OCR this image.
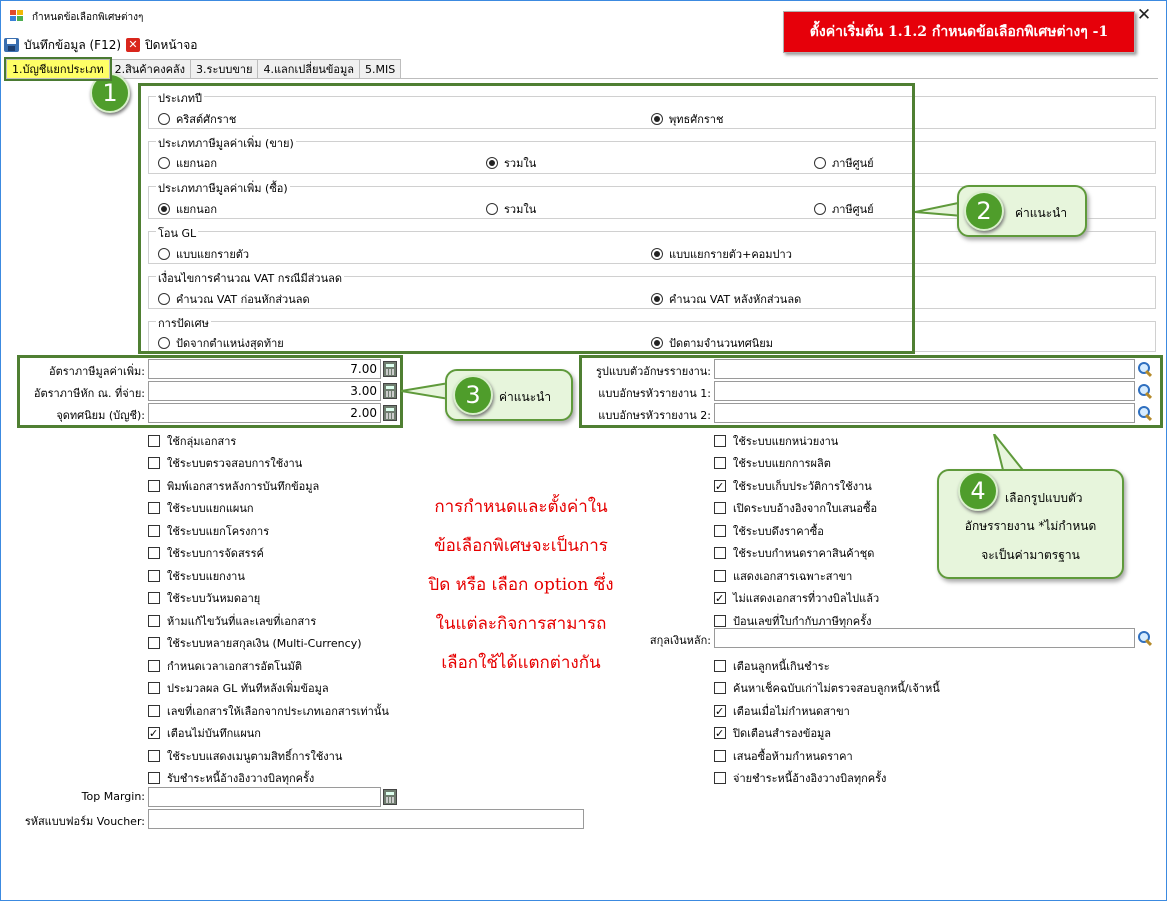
กำหนดข้อเลือกพิเศษต่างๆ	✕
ตั้งค่าเริ่มต้น 1.1.2 กำหนดข้อเลือกพิเศษต่างๆ -1
บันทึกข้อมูล (F12) ✕ ปิดหน้าจอ
1.บัญชีแยกประเภท	2.สินค้าคงคลัง	3.ระบบขาย	4.แลกเปลี่ยนข้อมูล	5.MIS
ประเภทปี
คริสต์ศักราช	พุทธศักราช
ประเภทภาษีมูลค่าเพิ่ม (ขาย)
แยกนอก	รวมใน	ภาษีศูนย์
ประเภทภาษีมูลค่าเพิ่ม (ซื้อ)
แยกนอก	รวมใน	ภาษีศูนย์
โอน GL
แบบแยกรายตัว	แบบแยกรายตัว+คอมปาว
เงื่อนไขการคำนวณ VAT กรณีมีส่วนลด
คำนวณ VAT ก่อนหักส่วนลด	คำนวณ VAT หลังหักส่วนลด
การปัดเศษ
ปัดจากตำแหน่งสุดท้าย	ปัดตามจำนวนทศนิยม
อัตราภาษีมูลค่าเพิ่ม:	7.00
อัตราภาษีหัก ณ. ที่จ่าย:	3.00
จุดทศนิยม (บัญชี):	2.00
รูปแบบตัวอักษรรายงาน:
แบบอักษรหัวรายงาน 1:
แบบอักษรหัวรายงาน 2:
ใช้กลุ่มเอกสาร
ใช้ระบบตรวจสอบการใช้งาน
พิมพ์เอกสารหลังการบันทึกข้อมูล
ใช้ระบบแยกแผนก
ใช้ระบบแยกโครงการ
ใช้ระบบการจัดสรรค์
ใช้ระบบแยกงาน
ใช้ระบบวันหมดอายุ
ห้ามแก้ไขวันที่และเลขที่เอกสาร
ใช้ระบบหลายสกุลเงิน (Multi-Currency)
กำหนดเวลาเอกสารอัตโนมัติ
ประมวลผล GL ทันทีหลังเพิ่มข้อมูล
เลขที่เอกสารให้เลือกจากประเภทเอกสารเท่านั้น
✓
เตือนไม่บันทึกแผนก
ใช้ระบบแสดงเมนูตามสิทธิ์การใช้งาน
รับชำระหนี้อ้างอิงวางบิลทุกครั้ง
ใช้ระบบแยกหน่วยงาน
ใช้ระบบแยกการผลิต
✓
ใช้ระบบเก็บประวัติการใช้งาน
เปิดระบบอ้างอิงจากใบเสนอซื้อ
ใช้ระบบดึงราคาซื้อ
ใช้ระบบกำหนดราคาสินค้าชุด
แสดงเอกสารเฉพาะสาขา
✓
ไม่แสดงเอกสารที่วางบิลไปแล้ว
ป้อนเลขที่ใบกำกับภาษีทุกครั้ง
สกุลเงินหลัก:
เตือนลูกหนี้เกินชำระ
ค้นหาเช็คฉบับเก่าไม่ตรวจสอบลูกหนี้/เจ้าหนี้
✓
เตือนเมื่อไม่กำหนดสาขา
✓
ปิดเตือนสำรองข้อมูล
เสนอซื้อห้ามกำหนดราคา
จ่ายชำระหนี้อ้างอิงวางบิลทุกครั้ง
Top Margin:
รหัสแบบฟอร์ม Voucher:
การกำหนดและตั้งค่าใน
ข้อเลือกพิเศษจะเป็นการ
ปิด หรือ เลือก option ซึ่ง
ในแต่ละกิจการสามารถ
เลือกใช้ได้แตกต่างกัน
1
ค่าแนะนำ
2
ค่าแนะนำ
3
เลือกรูปแบบตัว
อักษรรายงาน *ไม่กำหนด
จะเป็นค่ามาตรฐาน
4
